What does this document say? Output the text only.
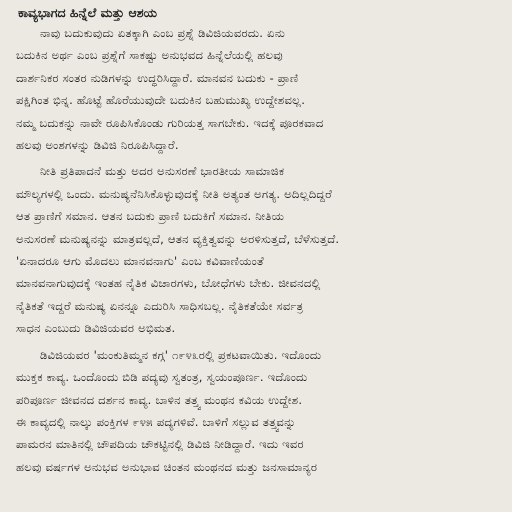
ಕಾವ್ಯಭಾಗದ ಹಿನ್ನೆಲೆ ಮತ್ತು ಆಶಯ
ನಾವು ಬದುಕುವುದು ಏತಕ್ಕಾಗಿ ಎಂಬ ಪ್ರಶ್ನೆ ಡಿವಿಜಿಯವರದು. ಏನು
ಬದುಕಿನ ಅರ್ಥ ಎಂಬ ಪ್ರಶ್ನೆಗೆ ಸಾಕಷ್ಟು ಅನುಭವದ ಹಿನ್ನೆಲೆಯಲ್ಲಿ ಹಲವು
ದಾರ್ಶನಿಕರ ಸಂತರ ನುಡಿಗಳನ್ನು ಉದ್ಧರಿಸಿದ್ದಾರೆ. ಮಾನವನ ಬದುಕು - ಪ್ರಾಣಿ
ಪಕ್ಷಿಗಿಂತ ಭಿನ್ನ. ಹೊಟ್ಟೆ ಹೊರೆಯುವುದೇ ಬದುಕಿನ ಬಹುಮುಖ್ಯ ಉದ್ದೇಶವಲ್ಲ.
ನಮ್ಮ ಬದುಕನ್ನು ನಾವೇ ರೂಪಿಸಿಕೊಂಡು ಗುರಿಯತ್ತ ಸಾಗಬೇಕು. ಇದಕ್ಕೆ ಪೂರಕವಾದ
ಹಲವು ಅಂಶಗಳನ್ನು ಡಿವಿಜಿ ನಿರೂಪಿಸಿದ್ದಾರೆ.
ನೀತಿ ಪ್ರತಿಪಾದನೆ ಮತ್ತು ಅದರ ಅನುಸರಣೆ ಭಾರತೀಯ ಸಾಮಾಜಿಕ
ಮೌಲ್ಯಗಳಲ್ಲಿ ಒಂದು. ಮನುಷ್ಯನೆನಿಸಿಕೊಳ್ಳುವುದಕ್ಕೆ ನೀತಿ ಅತ್ಯಂತ ಅಗತ್ಯ. ಅದಿಲ್ಲದಿದ್ದರೆ
ಆತ ಪ್ರಾಣಿಗೆ ಸಮಾನ. ಆತನ ಬದುಕು ಪ್ರಾಣಿ ಬದುಕಿಗೆ ಸಮಾನ. ನೀತಿಯ
ಅನುಸರಣೆ ಮನುಷ್ಯನನ್ನು ಮಾತ್ರವಲ್ಲದೆ, ಆತನ ವ್ಯಕ್ತಿತ್ವವನ್ನು ಅರಳಿಸುತ್ತದೆ, ಬೆಳೆಸುತ್ತದೆ.
'ಏನಾದರೂ ಆಗು ಮೊದಲು ಮಾನವನಾಗು' ಎಂಬ ಕವಿವಾಣಿಯಂತೆ
ಮಾನವನಾಗುವುದಕ್ಕೆ ಇಂತಹ ನೈತಿಕ ವಿಚಾರಗಳು, ಬೋಧೆಗಳು ಬೇಕು. ಜೀವನದಲ್ಲಿ
ನೈತಿಕತೆ ಇದ್ದರೆ ಮನುಷ್ಯ ಏನನ್ನೂ ಎದುರಿಸಿ ಸಾಧಿಸಬಲ್ಲ. ನೈತಿಕತೆಯೇ ಸರ್ವತ್ರ
ಸಾಧನ ಎಂಬುದು ಡಿವಿಜಿಯವರ ಅಭಿಮತ.
ಡಿವಿಜಿಯವರ 'ಮಂಕುತಿಮ್ಮನ ಕಗ್ಗ' ೧೯೪೩ರಲ್ಲಿ ಪ್ರಕಟವಾಯಿತು. ಇದೊಂದು
ಮುಕ್ತಕ ಕಾವ್ಯ. ಒಂದೊಂದು ಬಿಡಿ ಪದ್ಯವು ಸ್ವತಂತ್ರ, ಸ್ವಯಂಪೂರ್ಣ. ಇದೊಂದು
ಪರಿಪೂರ್ಣ ಜೀವನದ ದರ್ಶನ ಕಾವ್ಯ. ಬಾಳಿನ ತತ್ತ್ವ ಮಂಥನ ಕವಿಯ ಉದ್ದೇಶ.
ಈ ಕಾವ್ಯದಲ್ಲಿ ನಾಲ್ಕು ಪಂಕ್ತಿಗಳ ೯೪೫ ಪದ್ಯಗಳಿವೆ. ಬಾಳಿಗೆ ಸಲ್ಲುವ ತತ್ತ್ವವನ್ನು
ಪಾಮರನ ಮಾತಿನಲ್ಲಿ ಚೌಪದಿಯ ಚೌಕಟ್ಟಿನಲ್ಲಿ ಡಿವಿಜಿ ನೀಡಿದ್ದಾರೆ. ಇದು ಇವರ
ಹಲವು ವರ್ಷಗಳ ಅನುಭವ ಅನುಭಾವ ಚಿಂತನ ಮಂಥನದ ಮತ್ತು ಜನಸಾಮಾನ್ಯರ
